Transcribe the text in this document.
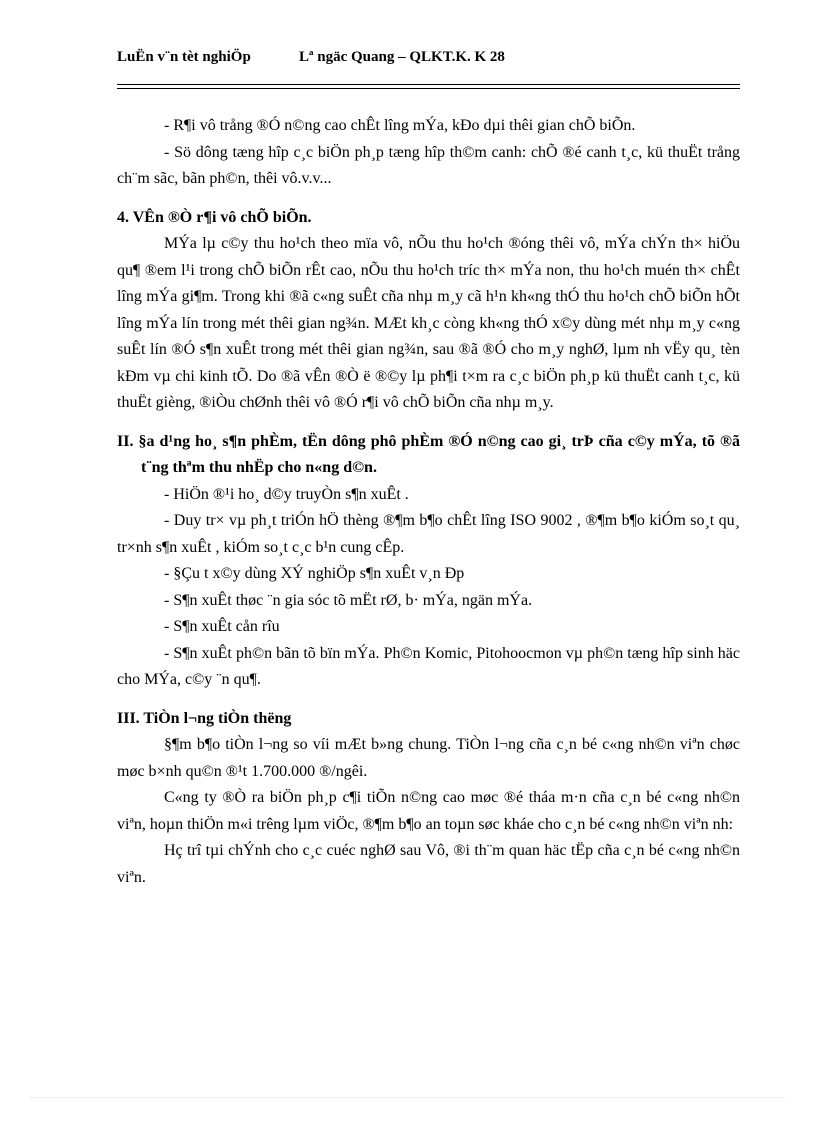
LuËn v¨n tèt nghiÖp	Lª ngäc Quang – QLKT.K. K 28

- R¶i vô trång ®Ó n©ng cao chÊt lîng mÝa, kÐo dµi thêi gian chÕ biÕn.

- Sö dông tæng hîp c¸c biÖn ph¸p tæng hîp th©m canh: chÕ ®é canh t¸c, kü thuËt trång ch¨m sãc, bãn ph©n, thêi vô.v.v...

4. VÊn ®Ò r¶i vô chÕ biÕn.

MÝa lµ c©y thu ho¹ch theo mïa vô, nÕu thu ho¹ch ®óng thêi vô, mÝa chÝn th× hiÖu qu¶ ®em l¹i trong chÕ biÕn rÊt cao, nÕu thu ho¹ch tríc th× mÝa non, thu ho¹ch muén th× chÊt lîng mÝa gi¶m. Trong khi ®ã c«ng suÊt cña nhµ m¸y cã h¹n kh«ng thÓ thu ho¹ch chÕ biÕn hÕt lîng mÝa lín trong mét thêi gian ng¾n. MÆt kh¸c còng kh«ng thÓ x©y dùng mét nhµ m¸y c«ng suÊt lín ®Ó s¶n xuÊt trong mét thêi gian ng¾n, sau ®ã ®Ó cho m¸y nghØ, lµm nh vËy qu¸ tèn kÐm vµ chi kinh tÕ. Do ®ã vÊn ®Ò ë ®©y lµ ph¶i t×m ra c¸c biÖn ph¸p kü thuËt canh t¸c, kü thuËt gièng, ®iÒu chØnh thêi vô ®Ó r¶i vô chÕ biÕn cña nhµ m¸y.

II. §a d¹ng ho¸ s¶n phÈm, tËn dông phô phÈm ®Ó n©ng cao gi¸ trÞ cña c©y mÝa, tõ ®ã t¨ng thªm thu nhËp cho n«ng d©n.

- HiÖn ®¹i ho¸ d©y truyÒn s¶n xuÊt .

- Duy tr× vµ ph¸t triÓn hÖ thèng ®¶m b¶o chÊt lîng ISO 9002 , ®¶m b¶o kiÓm so¸t qu¸ tr×nh s¶n xuÊt , kiÓm so¸t c¸c b¹n cung cÊp.

- §Çu t x©y dùng XÝ nghiÖp s¶n xuÊt v¸n Ðp

- S¶n xuÊt thøc ¨n gia sóc tõ mËt rØ, b· mÝa, ngän mÝa.

- S¶n xuÊt cån rîu

- S¶n xuÊt ph©n bãn tõ bïn mÝa. Ph©n Komic, Pitohoocmon vµ ph©n tæng hîp sinh häc cho MÝa, c©y ¨n qu¶.

III. TiÒn l¬ng tiÒn thëng

§¶m b¶o tiÒn l¬ng so víi mÆt b»ng chung. TiÒn l¬ng cña c¸n bé c«ng nh©n viªn chøc møc b×nh qu©n ®¹t 1.700.000 ®/ngêi.

C«ng ty ®Ò ra biÖn ph¸p c¶i tiÕn n©ng cao møc ®é tháa m·n cña c¸n bé c«ng nh©n viªn, hoµn thiÖn m«i trêng lµm viÖc, ®¶m b¶o an toµn søc kháe cho c¸n bé c«ng nh©n viªn nh:

Hç trî tµi chÝnh cho c¸c cuéc nghØ sau Vô, ®i th¨m quan häc tËp cña c¸n bé c«ng nh©n viªn.
